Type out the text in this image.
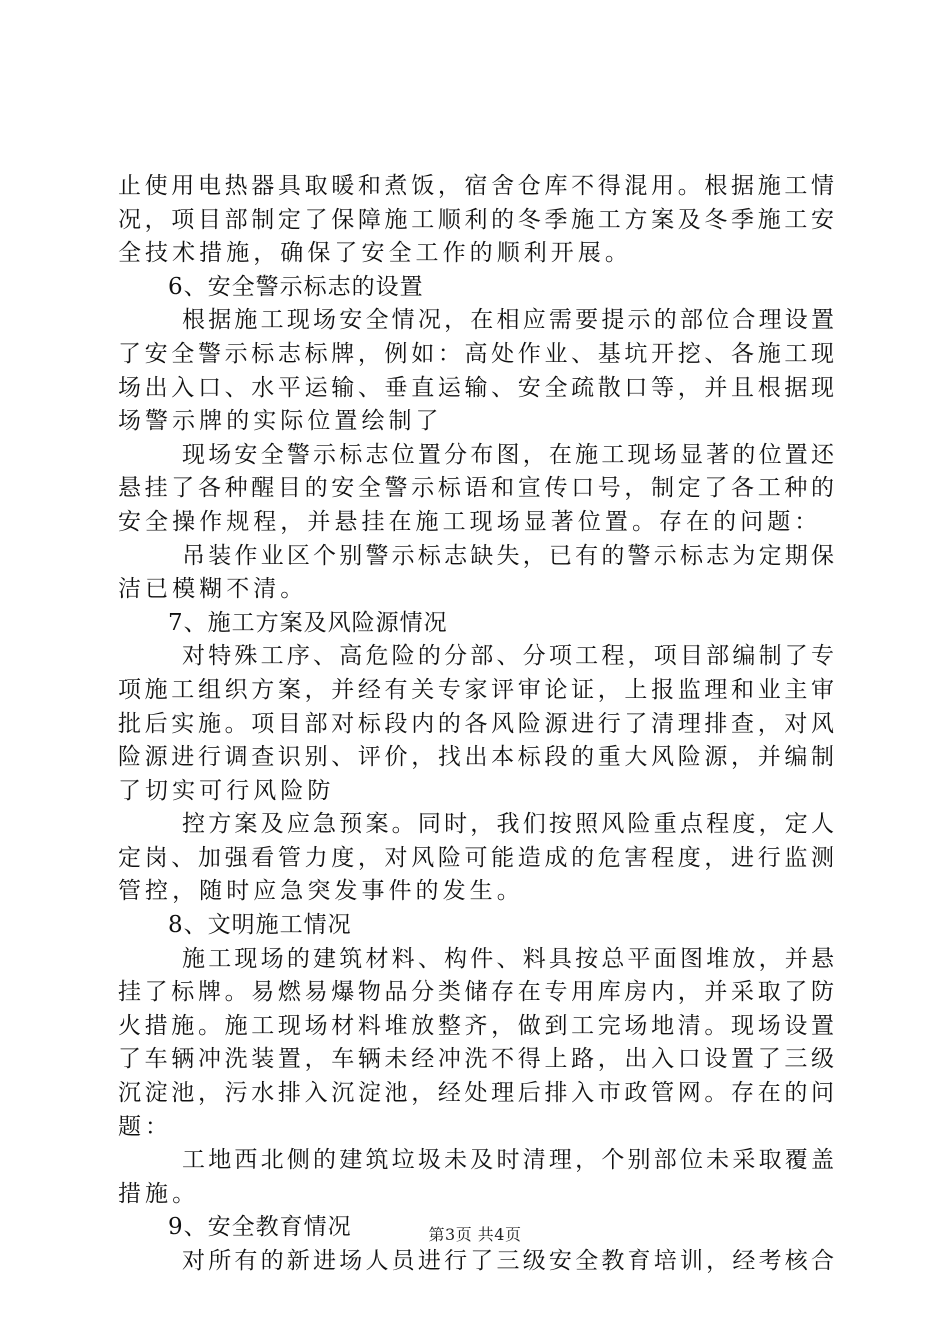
止使用电热器具取暖和煮饭，宿舍仓库不得混用。根据施工情
况，项目部制定了保障施工顺利的冬季施工方案及冬季施工安
全技术措施，确保了安全工作的顺利开展。
6、安全警示标志的设置
根据施工现场安全情况，在相应需要提示的部位合理设置
了安全警示标志标牌，例如：高处作业、基坑开挖、各施工现
场出入口、水平运输、垂直运输、安全疏散口等，并且根据现
场警示牌的实际位置绘制了
现场安全警示标志位置分布图，在施工现场显著的位置还
悬挂了各种醒目的安全警示标语和宣传口号，制定了各工种的
安全操作规程，并悬挂在施工现场显著位置。存在的问题：
吊装作业区个别警示标志缺失，已有的警示标志为定期保
洁已模糊不清。
7、施工方案及风险源情况
对特殊工序、高危险的分部、分项工程，项目部编制了专
项施工组织方案，并经有关专家评审论证，上报监理和业主审
批后实施。项目部对标段内的各风险源进行了清理排查，对风
险源进行调查识别、评价，找出本标段的重大风险源，并编制
了切实可行风险防
控方案及应急预案。同时，我们按照风险重点程度，定人
定岗、加强看管力度，对风险可能造成的危害程度，进行监测
管控，随时应急突发事件的发生。
8、文明施工情况
施工现场的建筑材料、构件、料具按总平面图堆放，并悬
挂了标牌。易燃易爆物品分类储存在专用库房内，并采取了防
火措施。施工现场材料堆放整齐，做到工完场地清。现场设置
了车辆冲洗装置，车辆未经冲洗不得上路，出入口设置了三级
沉淀池，污水排入沉淀池，经处理后排入市政管网。存在的问
题：
工地西北侧的建筑垃圾未及时清理，个别部位未采取覆盖
措施。
9、安全教育情况
对所有的新进场人员进行了三级安全教育培训，经考核合
第3页 共4页
